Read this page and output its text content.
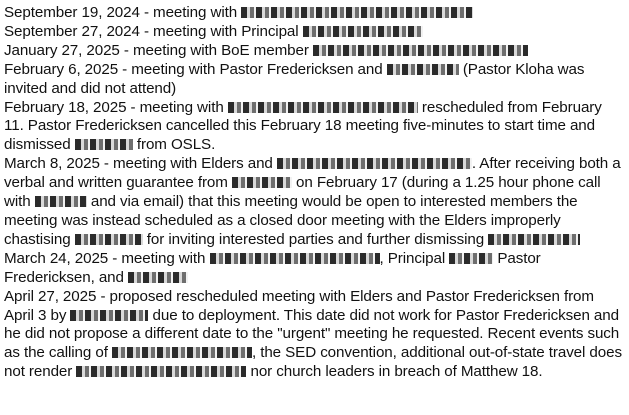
September 19, 2024 - meeting with

September 27, 2024 - meeting with Principal

January 27, 2025 - meeting with BoE member

February 6, 2025 - meeting with Pastor Fredericksen and	(Pastor Kloha was invited and did not attend)

February 18, 2025 - meeting with	rescheduled from February 11. Pastor Fredericksen cancelled this February 18 meeting five-minutes to start time and dismissed	from OSLS.

March 8, 2025 - meeting with Elders and	. After receiving both a verbal and written guarantee from	on February 17 (during a 1.25 hour phone call with	and via email) that this meeting would be open to interested members the meeting was instead scheduled as a closed door meeting with the Elders improperly chastising	for inviting interested parties and further dismissing

March 24, 2025 - meeting with	, Principal	Pastor Fredericksen, and

April 27, 2025 - proposed rescheduled meeting with Elders and Pastor Fredericksen from April 3 by	due to deployment. This date did not work for Pastor Fredericksen and he did not propose a different date to the "urgent" meeting he requested. Recent events such as the calling of	, the SED convention, additional out-of-state travel does not render	nor church leaders in breach of Matthew 18.
